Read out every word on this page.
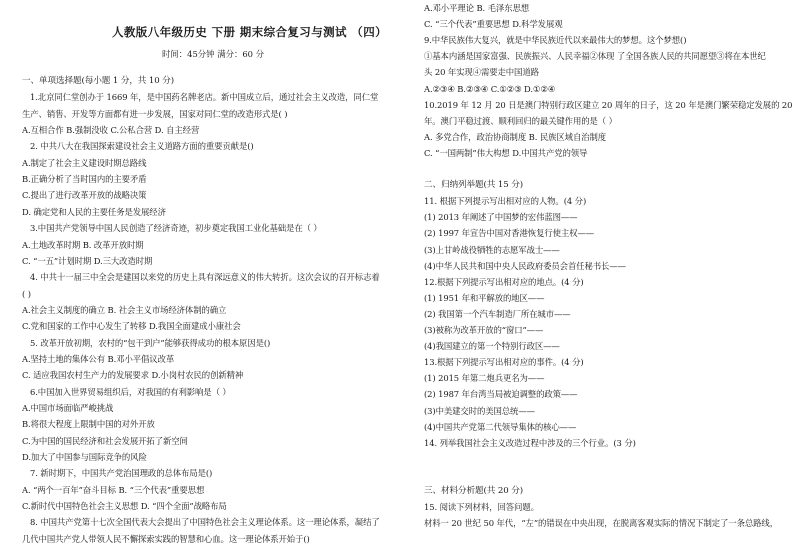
人教版八年级历史 下册 期末综合复习与测试 （四）
时间：45分钟 满分：60 分
一、单项选择题(每小题 1 分，共 10 分)
1.北京同仁堂创办于 1669 年，是中国药名牌老店。新中国成立后，通过社会主义改造，同仁堂
生产、销售、开发等方面都有进一步发展，国家对同仁堂的改造形式是( )
A.互相合作 B.强制没收 C.公私合营 D. 自主经营
2. 中共八大在我国探索建设社会主义道路方面的重要贡献是()
A.制定了社会主义建设时期总路线
B.正确分析了当时国内的主要矛盾
C.提出了进行改革开放的战略决策
D. 确定党和人民的主要任务是发展经济
3.中国共产党领导中国人民创造了经济奇迹，初步奠定我国工业化基础是在（ ）
A.土地改革时期 B. 改革开放时期
C. “一五”计划时期 D.三大改造时期
4. 中共十一届三中全会是建国以来党的历史上具有深远意义的伟大转折。这次会议的召开标志着
( )
A.社会主义制度的确立 B. 社会主义市场经济体制的确立
C.党和国家的工作中心发生了转移 D.我国全面建成小康社会
5. 改革开放初期，农村的“包干到户”能够获得成功的根本原因是()
A.坚持土地的集体公有 B.邓小平倡议改革
C. 适应我国农村生产力的发展要求 D.小岗村农民的创新精神
6.中国加入世界贸易组织后，对我国的有利影响是（ ）
A.中国市场面临严峻挑战
B.将很大程度上限制中国的对外开放
C.为中国的国民经济和社会发展开拓了新空间
D.加大了中国参与国际竞争的风险
7. 新时期下，中国共产党治国理政的总体布局是()
A. “两个一百年”奋斗目标 B. “三个代表”重要思想
C.新时代中国特色社会主义思想 D. “四个全面”战略布局
8. 中国共产党第十七次全国代表大会提出了中国特色社会主义理论体系。这一理论体系，凝结了
几代中国共产党人带领人民不懈探索实践的智慧和心血。这一理论体系开始于()
A.邓小平理论 B. 毛泽东思想
C. “三个代表”重要思想 D.科学发展观
9.中华民族伟大复兴，就是中华民族近代以来最伟大的梦想。这个梦想()
①基本内涵是国家富强、民族振兴、人民幸福②体现 了全国各族人民的共同愿望③将在本世纪
头 20 年实现④需要走中国道路
A.②③④ B.②③④ C.①②③ D.①②④
10.2019 年 12 月 20 日是澳门特别行政区建立 20 周年的日子，这 20 年是澳门繁荣稳定发展的 20
年。澳门平稳过渡、顺利回归的最关键作用的是（ ）
A. 多党合作，政治协商制度 B. 民族区域自治制度
C. “一国两制”伟大构想 D.中国共产党的领导
二、归纳列举题(共 15 分)
11. 根据下列提示写出相对应的人物。(4 分)
(1) 2013 年阐述了中国梦的宏伟蓝图——
(2) 1997 年宣告中国对香港恢复行使主权——
(3)上甘岭战役牺牲的志愿军战士——
(4)中华人民共和国中央人民政府委员会首任秘书长——
12.根据下列提示写出相对应的地点。(4 分)
(1) 1951 年和平解放的地区——
(2) 我国第一个汽车制造厂所在城市——
(3)被称为改革开放的“窗口”——
(4)我国建立的第一个特别行政区——
13.根据下列提示写出相对应的事件。(4 分)
(1) 2015 年第二炮兵更名为——
(2) 1987 年台湾当局被迫调整的政策——
(3)中美建交时的美国总统——
(4)中国共产党第二代领导集体的核心——
14. 列举我国社会主义改造过程中涉及的三个行业。(3 分)
三、材料分析题(共 20 分)
15. 阅读下列材料，回答问题。
材料一 20 世纪 50 年代，“左”的错误在中央出现，在脱离客观实际的情况下制定了一条总路线，
